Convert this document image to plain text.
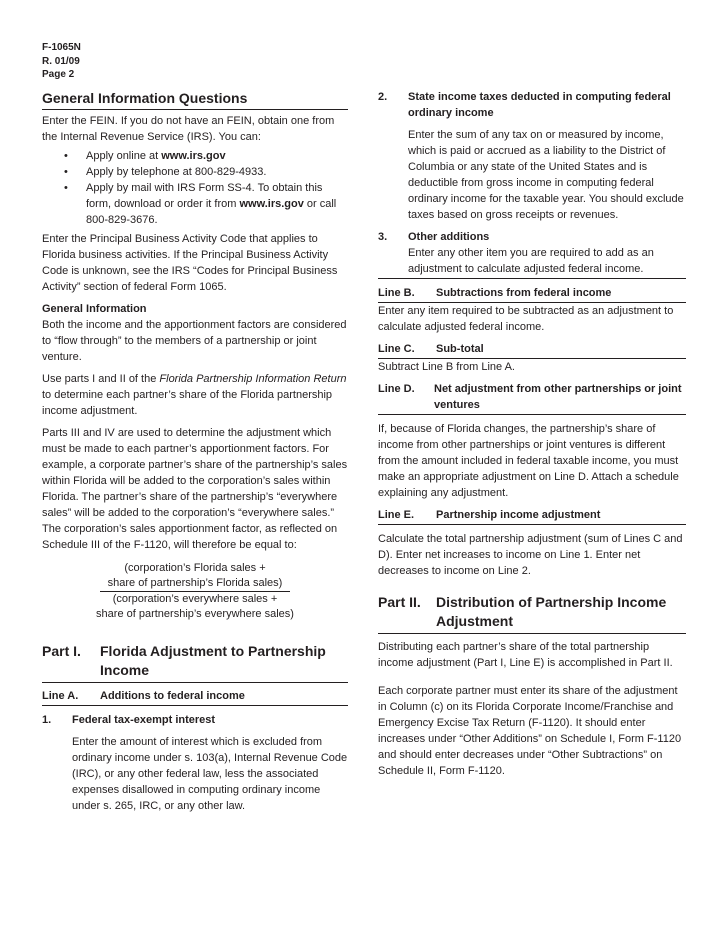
F-1065N
R. 01/09
Page 2
General Information Questions

Enter the FEIN. If you do not have an FEIN, obtain one from the Internal Revenue Service (IRS). You can:

• Apply online at www.irs.gov
• Apply by telephone at 800-829-4933.
• Apply by mail with IRS Form SS-4. To obtain this form, download or order it from www.irs.gov or call 800-829-3676.

Enter the Principal Business Activity Code that applies to Florida business activities. If the Principal Business Activity Code is unknown, see the IRS “Codes for Principal Business Activity” section of federal Form 1065.

General Information

Both the income and the apportionment factors are considered to “flow through” to the members of a partnership or joint venture.

Use parts I and II of the Florida Partnership Information Return to determine each partner’s share of the Florida partnership income adjustment.

Parts III and IV are used to determine the adjustment which must be made to each partner’s apportionment factors. For example, a corporate partner’s share of the partnership’s sales within Florida will be added to the corporation’s sales within Florida. The partner’s share of the partnership’s “everywhere sales” will be added to the corporation’s “everywhere sales.” The corporation’s sales apportionment factor, as reflected on Schedule III of the F-1120, will therefore be equal to:

(corporation’s Florida sales +
share of partnership’s Florida sales)
(corporation’s everywhere sales +
share of partnership’s everywhere sales)
Part I.	Florida Adjustment to Partnership Income
Line A.	Additions to federal income
1.	Federal tax-exempt interest

Enter the amount of interest which is excluded from ordinary income under s. 103(a), Internal Revenue Code (IRC), or any other federal law, less the associated expenses disallowed in computing ordinary income under s. 265, IRC, or any other law.

2.	State income taxes deducted in computing federal ordinary income

Enter the sum of any tax on or measured by income, which is paid or accrued as a liability to the District of Columbia or any state of the United States and is deductible from gross income in computing federal ordinary income for the taxable year. You should exclude taxes based on gross receipts or revenues.

3.	Other additions

Enter any other item you are required to add as an adjustment to calculate adjusted federal income.

Line B.	Subtractions from federal income

Enter any item required to be subtracted as an adjustment to calculate adjusted federal income.

Line C.	Sub-total

Subtract Line B from Line A.

Line D.	Net adjustment from other partnerships or joint ventures

If, because of Florida changes, the partnership’s share of income from other partnerships or joint ventures is different from the amount included in federal taxable income, you must make an appropriate adjustment on Line D. Attach a schedule explaining any adjustment.

Line E.	Partnership income adjustment

Calculate the total partnership adjustment (sum of Lines C and D). Enter net increases to income on Line 1. Enter net decreases to income on Line 2.

Part II.	Distribution of Partnership Income Adjustment

Distributing each partner’s share of the total partnership income adjustment (Part I, Line E) is accomplished in Part II.

Each corporate partner must enter its share of the adjustment in Column (c) on its Florida Corporate Income/Franchise and Emergency Excise Tax Return (F-1120). It should enter increases under “Other Additions” on Schedule I, Form F-1120 and should enter decreases under “Other Subtractions” on Schedule II, Form F-1120.
